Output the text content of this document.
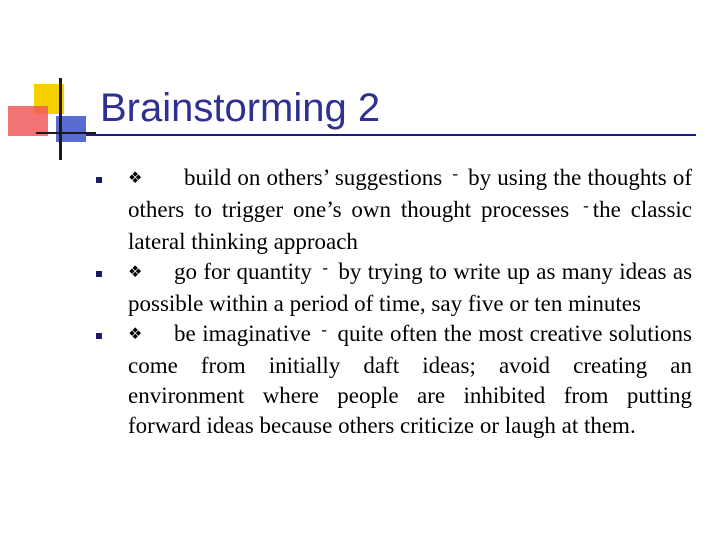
Brainstorming 2

❖ build on others’ suggestions ‐ by using the thoughts of others to trigger one’s own thought processes ‐ the classic lateral thinking approach

❖ go for quantity ‐ by trying to write up as many ideas as possible within a period of time, say five or ten minutes

❖ be imaginative ‐ quite often the most creative solutions come from initially daft ideas; avoid creating an environment where people are inhibited from putting forward ideas because others criticize or laugh at them.
